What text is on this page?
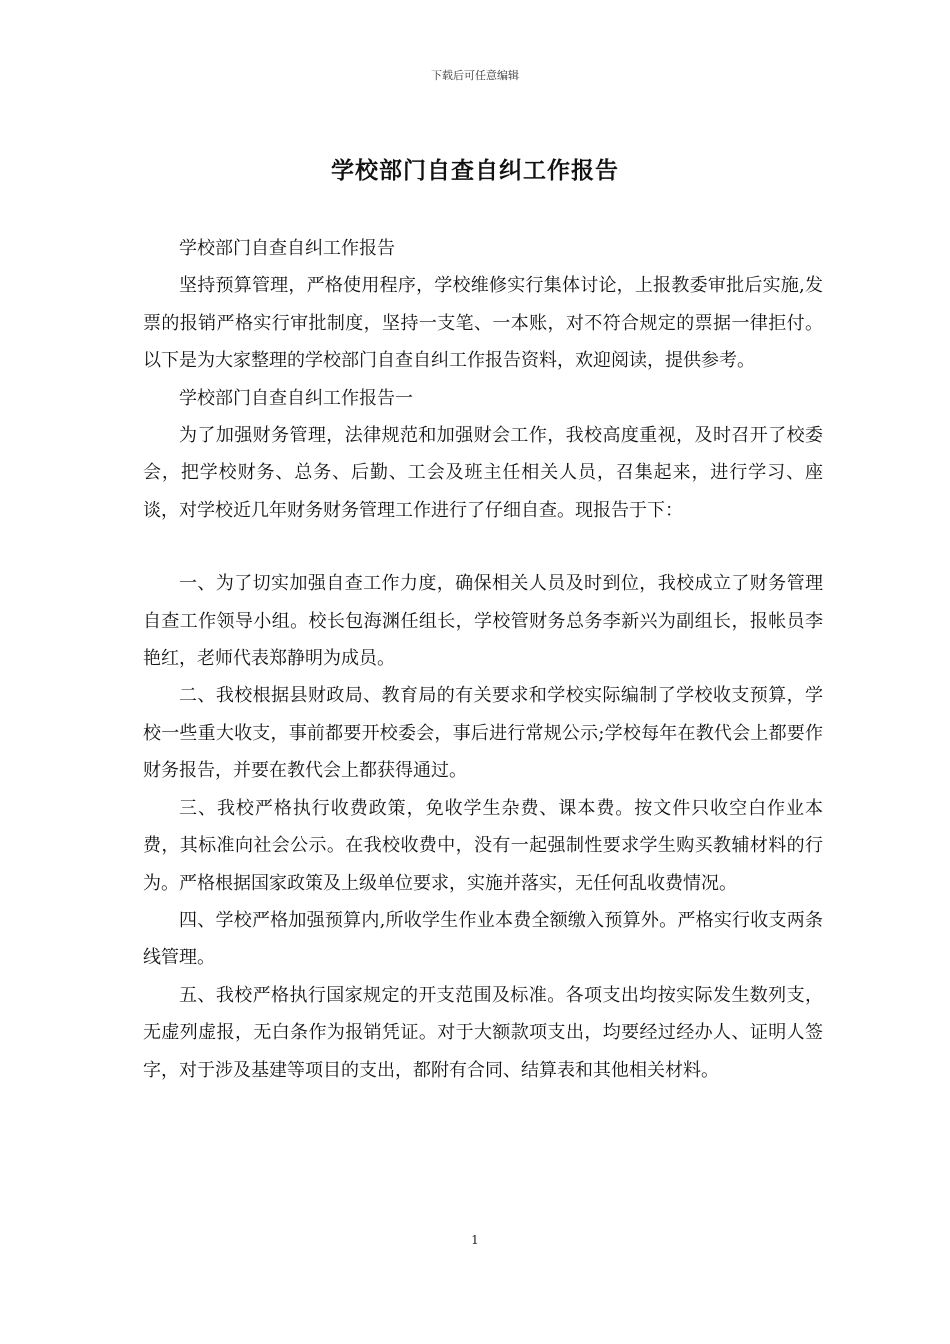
下载后可任意编辑
学校部门自查自纠工作报告

学校部门自查自纠工作报告

坚持预算管理，严格使用程序，学校维修实行集体讨论，上报教委审批后实施,发票的报销严格实行审批制度，坚持一支笔、一本账，对不符合规定的票据一律拒付。以下是为大家整理的学校部门自查自纠工作报告资料，欢迎阅读，提供参考。

学校部门自查自纠工作报告一

为了加强财务管理，法律规范和加强财会工作，我校高度重视，及时召开了校委会，把学校财务、总务、后勤、工会及班主任相关人员，召集起来，进行学习、座谈，对学校近几年财务财务管理工作进行了仔细自查。现报告于下：

一、为了切实加强自查工作力度，确保相关人员及时到位，我校成立了财务管理自查工作领导小组。校长包海渊任组长，学校管财务总务李新兴为副组长，报帐员李艳红，老师代表郑静明为成员。

二、我校根据县财政局、教育局的有关要求和学校实际编制了学校收支预算，学校一些重大收支，事前都要开校委会，事后进行常规公示;学校每年在教代会上都要作财务报告，并要在教代会上都获得通过。

三、我校严格执行收费政策，免收学生杂费、课本费。按文件只收空白作业本费，其标准向社会公示。在我校收费中，没有一起强制性要求学生购买教辅材料的行为。严格根据国家政策及上级单位要求，实施并落实，无任何乱收费情况。

四、学校严格加强预算内,所收学生作业本费全额缴入预算外。严格实行收支两条线管理。

五、我校严格执行国家规定的开支范围及标准。各项支出均按实际发生数列支，无虚列虚报，无白条作为报销凭证。对于大额款项支出，均要经过经办人、证明人签字，对于涉及基建等项目的支出，都附有合同、结算表和其他相关材料。

1
